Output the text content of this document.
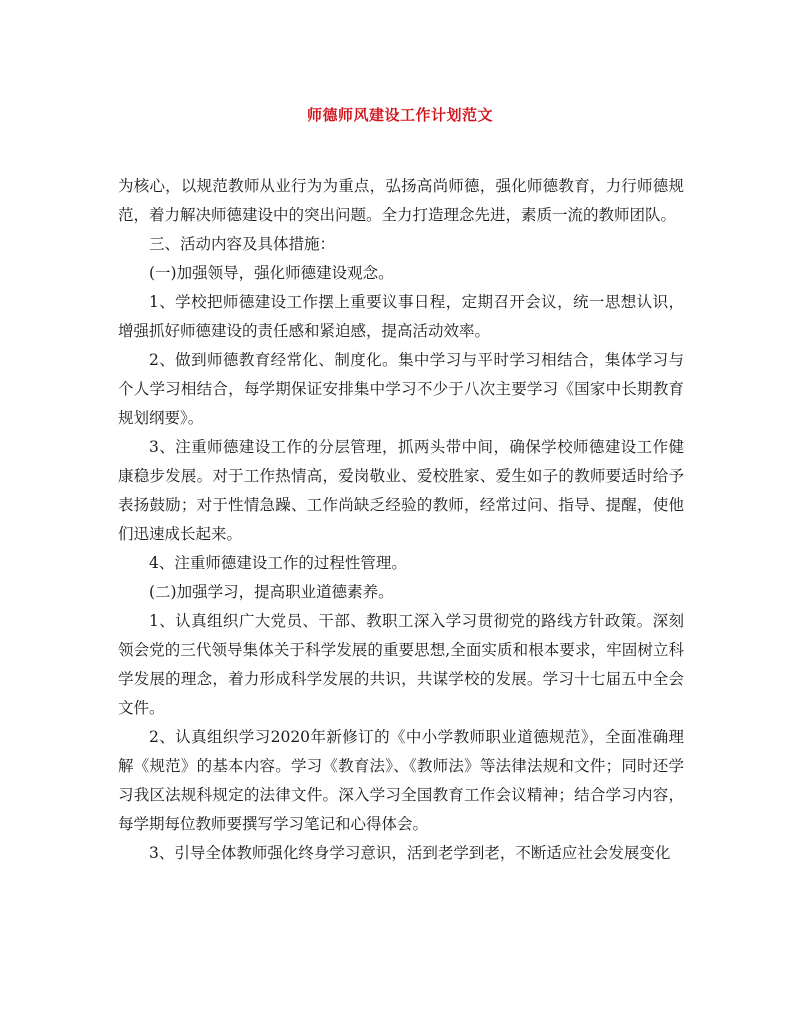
师德师风建设工作计划范文

为核心，以规范教师从业行为为重点，弘扬高尚师德，强化师德教育，力行师德规范，着力解决师德建设中的突出问题。全力打造理念先进，素质一流的教师团队。

三、活动内容及具体措施：

(一)加强领导，强化师德建设观念。

1、学校把师德建设工作摆上重要议事日程，定期召开会议，统一思想认识，增强抓好师德建设的责任感和紧迫感，提高活动效率。

2、做到师德教育经常化、制度化。集中学习与平时学习相结合，集体学习与个人学习相结合，每学期保证安排集中学习不少于八次主要学习《国家中长期教育规划纲要》。

3、注重师德建设工作的分层管理，抓两头带中间，确保学校师德建设工作健康稳步发展。对于工作热情高，爱岗敬业、爱校胜家、爱生如子的教师要适时给予表扬鼓励；对于性情急躁、工作尚缺乏经验的教师，经常过问、指导、提醒，使他们迅速成长起来。

4、注重师德建设工作的过程性管理。

(二)加强学习，提高职业道德素养。

1、认真组织广大党员、干部、教职工深入学习贯彻党的路线方针政策。深刻领会党的三代领导集体关于科学发展的重要思想,全面实质和根本要求，牢固树立科学发展的理念，着力形成科学发展的共识，共谋学校的发展。学习十七届五中全会文件。

2、认真组织学习2020年新修订的《中小学教师职业道德规范》，全面准确理解《规范》的基本内容。学习《教育法》、《教师法》等法律法规和文件；同时还学习我区法规科规定的法律文件。深入学习全国教育工作会议精神；结合学习内容，每学期每位教师要撰写学习笔记和心得体会。

3、引导全体教师强化终身学习意识，活到老学到老，不断适应社会发展变化
